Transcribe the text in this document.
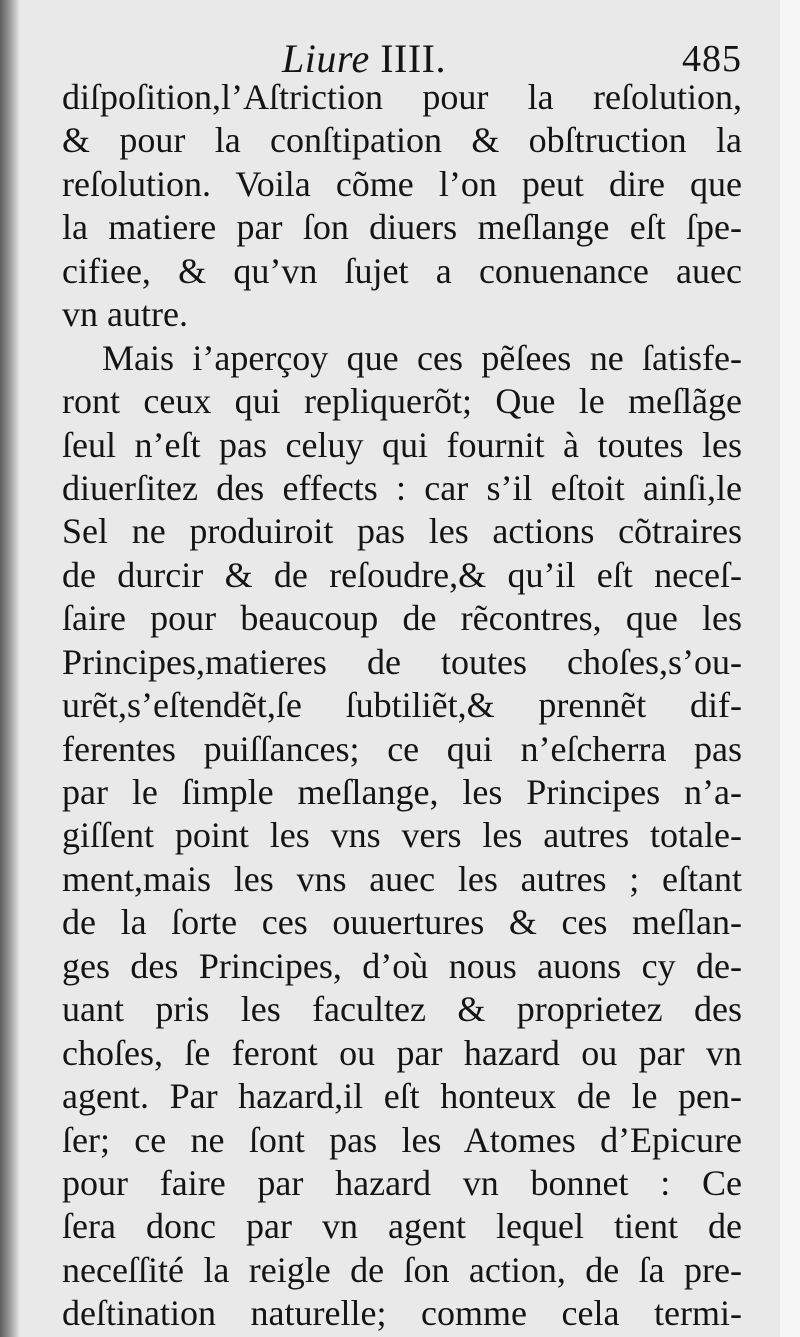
Liure IIII.	485
diſpoſition,l’Aſtriction pour la reſolution,
& pour la conſtipation & obſtruction la
reſolution. Voila cõme l’on peut dire que
la matiere par ſon diuers meſlange eſt ſpe-
cifiee, & qu’vn ſujet a conuenance auec
vn autre.
Mais i’aperçoy que ces pẽſees ne ſatisfe-
ront ceux qui repliquerõt; Que le meſlãge
ſeul n’eſt pas celuy qui fournit à toutes les
diuerſitez des effects : car s’il eſtoit ainſi,le
Sel ne produiroit pas les actions cõtraires
de durcir & de reſoudre,& qu’il eſt neceſ-
ſaire pour beaucoup de rẽcontres, que les
Principes,matieres de toutes choſes,s’ou-
urẽt,s’eſtendẽt,ſe ſubtiliẽt,& prennẽt dif-
ferentes puiſſances; ce qui n’eſcherra pas
par le ſimple meſlange, les Principes n’a-
giſſent point les vns vers les autres totale-
ment,mais les vns auec les autres ; eſtant
de la ſorte ces ouuertures & ces meſlan-
ges des Principes, d’où nous auons cy de-
uant pris les facultez & proprietez des
choſes, ſe feront ou par hazard ou par vn
agent. Par hazard,il eſt honteux de le pen-
ſer; ce ne ſont pas les Atomes d’Epicure
pour faire par hazard vn bonnet : Ce
ſera donc par vn agent lequel tient de
neceſſité la reigle de ſon action, de ſa pre-
deſtination naturelle; comme cela termi-
